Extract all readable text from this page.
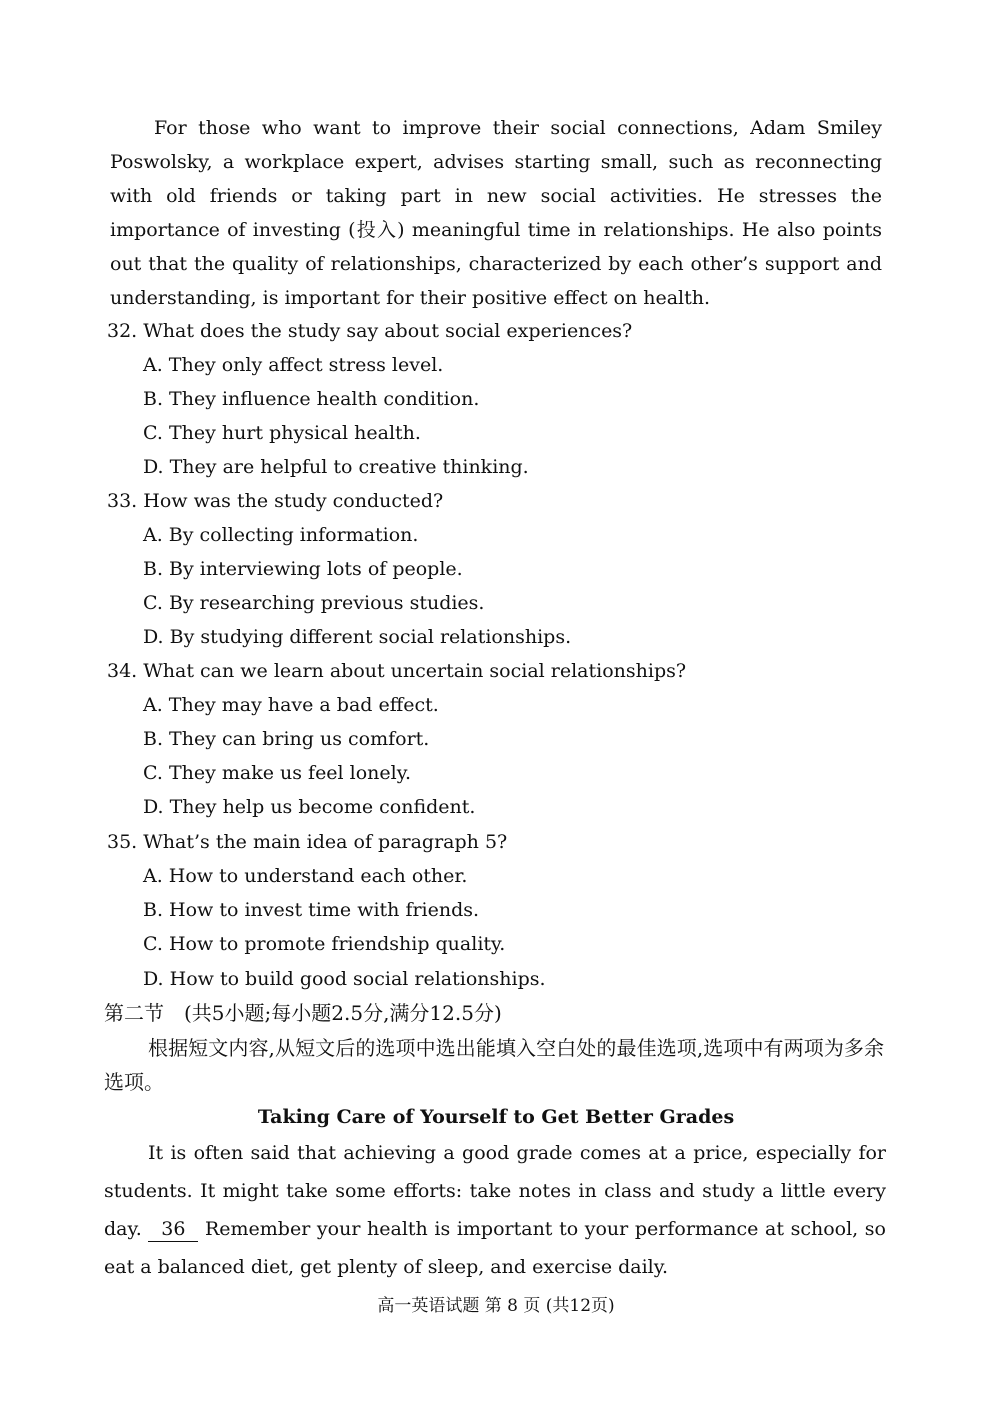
For those who want to improve their social connections, Adam Smiley Poswolsky, a workplace expert, advises starting small, such as reconnecting with old friends or taking part in new social activities. He stresses the importance of investing (投入) meaningful time in relationships. He also points out that the quality of relationships, characterized by each other’s support and understanding, is important for their positive effect on health.

32. What does the study say about social experiences?
A. They only affect stress level.
B. They influence health condition.
C. They hurt physical health.
D. They are helpful to creative thinking.
33. How was the study conducted?
A. By collecting information.
B. By interviewing lots of people.
C. By researching previous studies.
D. By studying different social relationships.
34. What can we learn about uncertain social relationships?
A. They may have a bad effect.
B. They can bring us comfort.
C. They make us feel lonely.
D. They help us become confident.
35. What’s the main idea of paragraph 5?
A. How to understand each other.
B. How to invest time with friends.
C. How to promote friendship quality.
D. How to build good social relationships.
第二节　(共5小题;每小题2.5分,满分12.5分)

根据短文内容,从短文后的选项中选出能填入空白处的最佳选项,选项中有两项为多余选项。

Taking Care of Yourself to Get Better Grades

It is often said that achieving a good grade comes at a price, especially for students. It might take some efforts: take notes in class and study a little every day. 36 Remember your health is important to your performance at school, so eat a balanced diet, get plenty of sleep, and exercise daily.

高一英语试题 第 8 页 (共12页)
